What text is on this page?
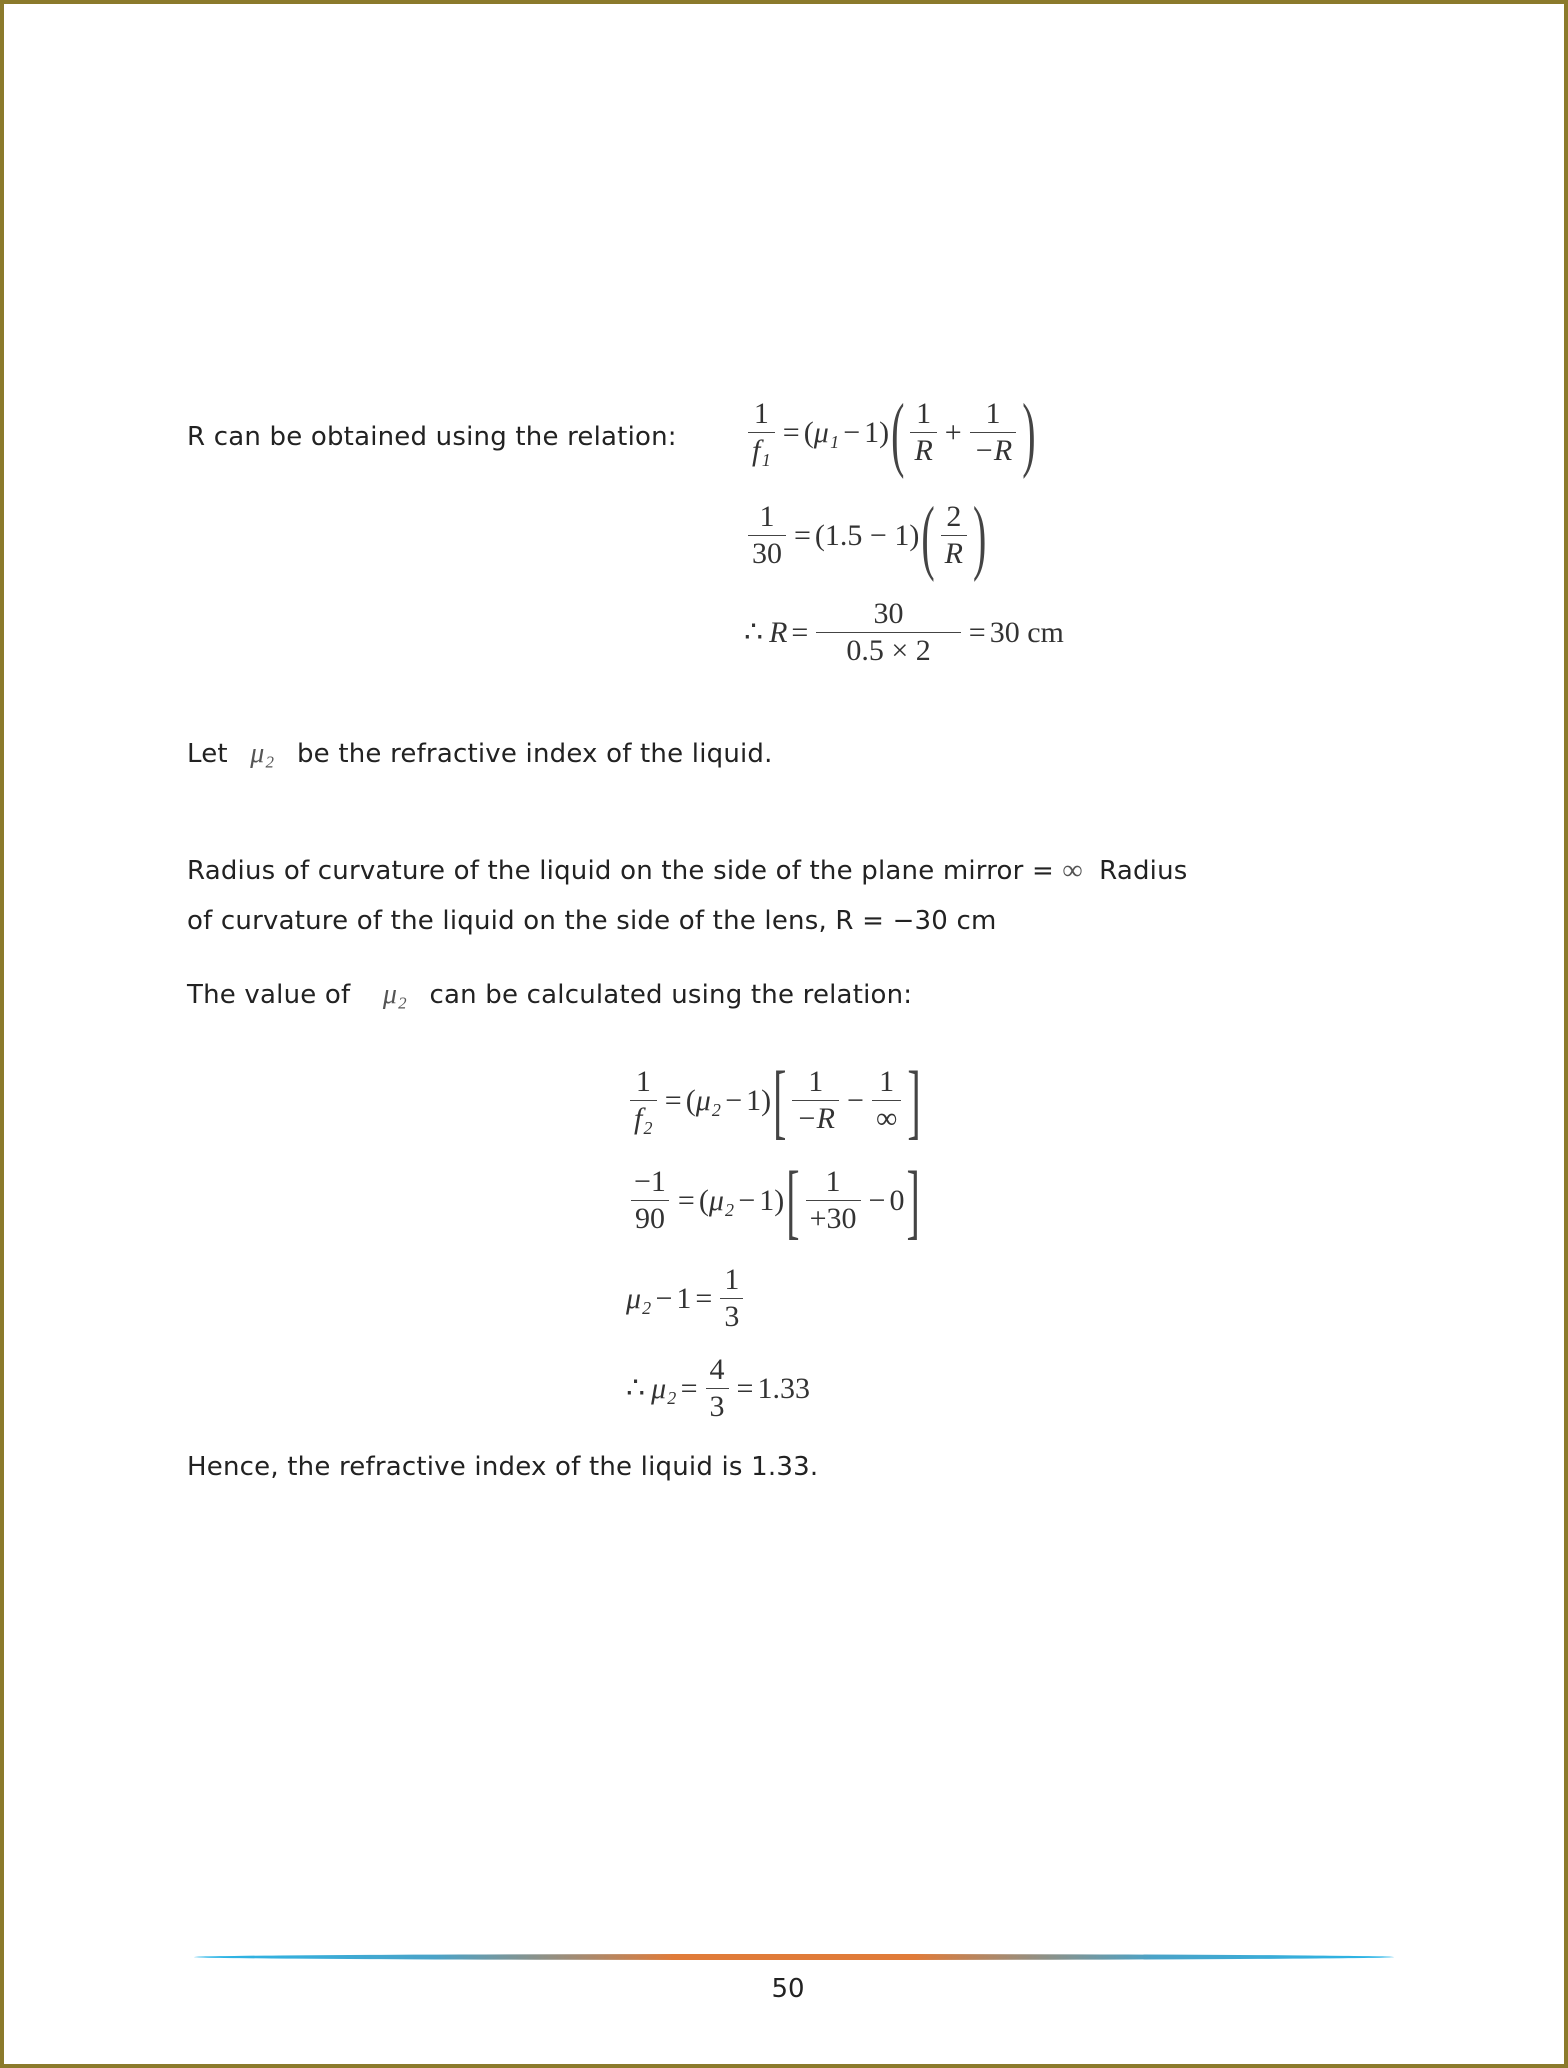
R can be obtained using the relation: $\frac{1}{\text{f₁}}$ = ( μ₁ − 1 ) ( $\frac{1}{R} + \frac{1}{-R}$ )
$\frac{1}{30} = (1.5 - 1)$ ( $\frac{2}{R}$ )
∴ $R = \frac{30}{0.5 \times 2} = 30$ cm
Let μ₂ be the refractive index of the liquid.
Radius of curvature of the liquid on the side of the plane mirror = ∞ Radius
of curvature of the liquid on the side of the lens, R = −30 cm
The value of μ₂ can be calculated using the relation:
$\frac{1}{\text{f₂}}$ = ( μ₂ − 1 ) [ $\frac{1}{-R} - \frac{1}{\infty}$ ]
$\frac{-1}{90}$ = ( μ₂ − 1 ) [ $\frac{1}{+30} - 0$ ]
$\mu_2 - 1 = \frac{1}{3}$
∴ $\mu_2 = \frac{4}{3} = 1.33$
Hence, the refractive index of the liquid is 1.33.
50
